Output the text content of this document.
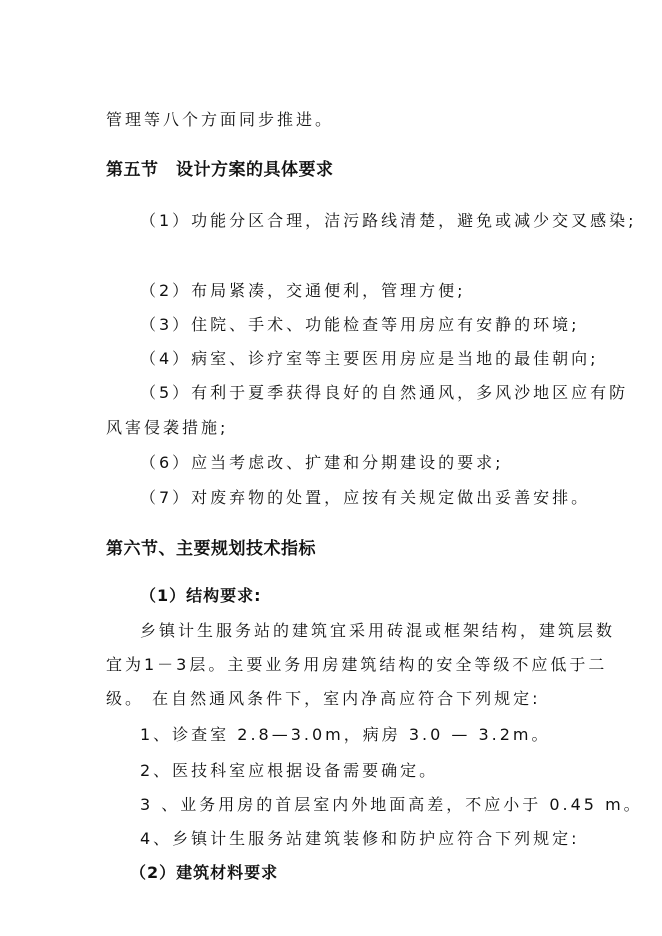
管理等八个方面同步推进。
第五节　设计方案的具体要求
（1）功能分区合理，洁污路线清楚，避免或减少交叉感染;
（2）布局紧凑，交通便利，管理方便;
（3）住院、手术、功能检查等用房应有安静的环境;
（4）病室、诊疗室等主要医用房应是当地的最佳朝向;
（5）有利于夏季获得良好的自然通风，多风沙地区应有防
风害侵袭措施;
（6）应当考虑改、扩建和分期建设的要求;
（7）对废弃物的处置，应按有关规定做出妥善安排。
第六节、主要规划技术指标
（1）结构要求:
乡镇计生服务站的建筑宜采用砖混或框架结构，建筑层数
宜为1－3层。主要业务用房建筑结构的安全等级不应低于二
级。 在自然通风条件下，室内净高应符合下列规定:
1、诊查室 2.8—3.0m，病房 3.0 — 3.2m。
2、医技科室应根据设备需要确定。
3 、业务用房的首层室内外地面高差，不应小于 0.45 m。
4、乡镇计生服务站建筑装修和防护应符合下列规定:
（2）建筑材料要求
